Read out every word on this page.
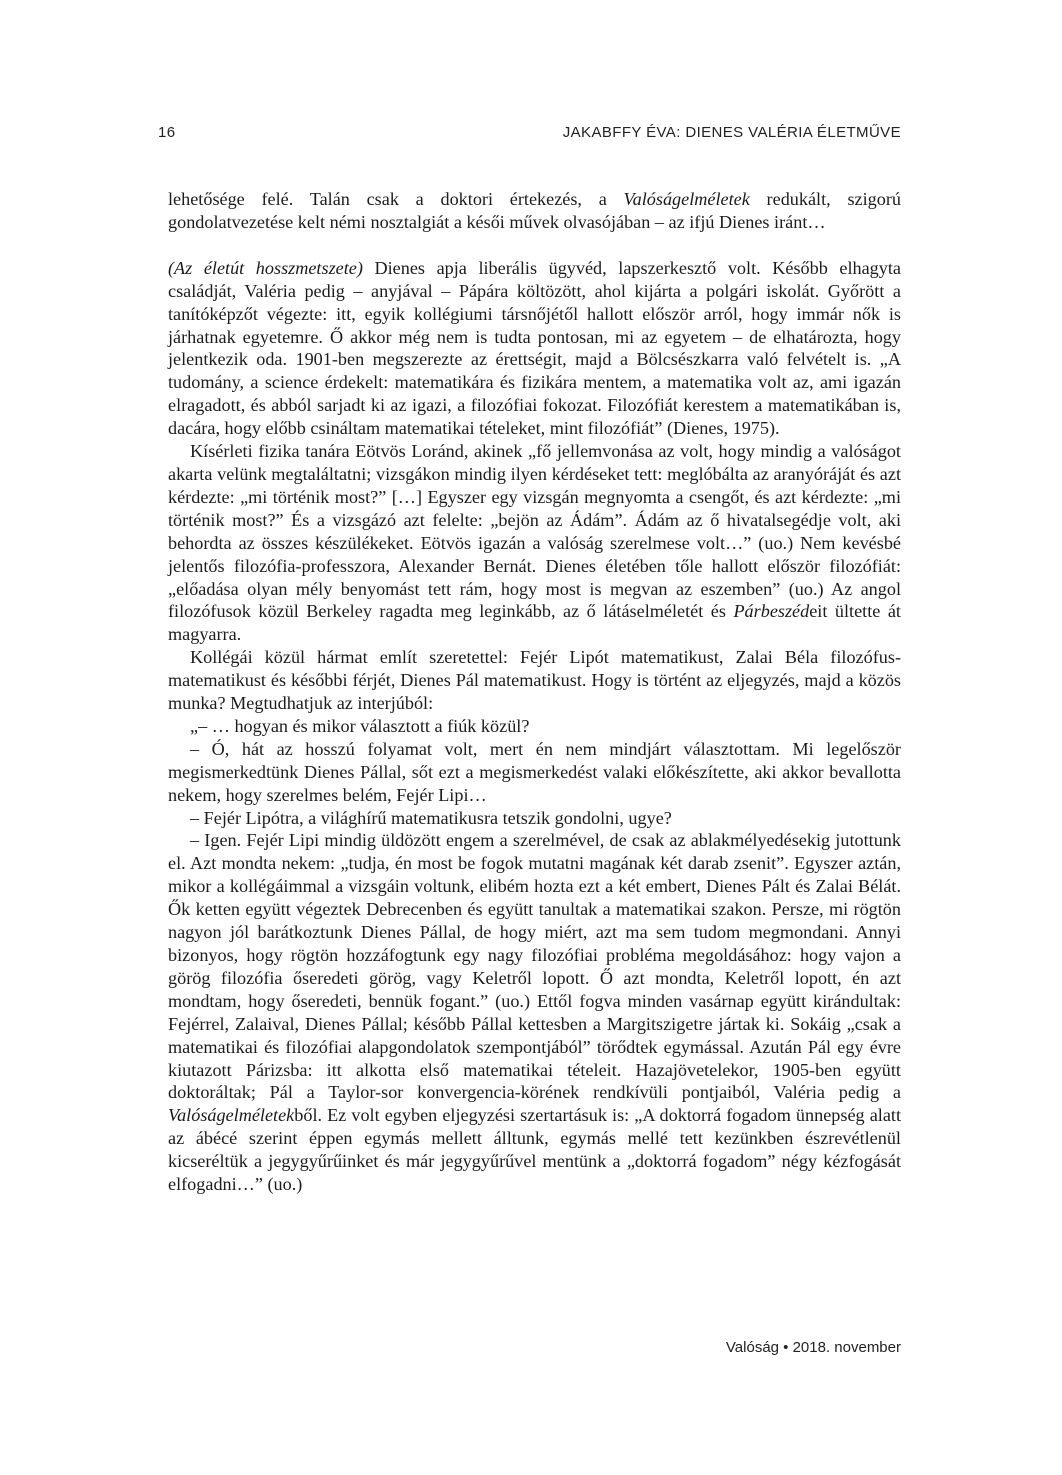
16	JAKABFFY ÉVA: DIENES VALÉRIA ÉLETMŰVE

lehetősége felé. Talán csak a doktori értekezés, a Valóságelméletek redukált, szigorú gondolatvezetése kelt némi nosztalgiát a késői művek olvasójában – az ifjú Dienes iránt…

(Az életút hosszmetszete) Dienes apja liberális ügyvéd, lapszerkesztő volt. Később elhagyta családját, Valéria pedig – anyjával – Pápára költözött, ahol kijárta a polgári iskolát. Győrött a tanítóképzőt végezte: itt, egyik kollégiumi társnőjétől hallott először arról, hogy immár nők is járhatnak egyetemre. Ő akkor még nem is tudta pontosan, mi az egyetem – de elhatározta, hogy jelentkezik oda. 1901-ben megszerezte az érettségit, majd a Bölcsészkarra való felvételt is. „A tudomány, a science érdekelt: matematikára és fizikára mentem, a matematika volt az, ami igazán elragadott, és abból sarjadt ki az igazi, a filozófiai fokozat. Filozófiát kerestem a matematikában is, dacára, hogy előbb csináltam matematikai tételeket, mint filozófiát” (Dienes, 1975).

Kísérleti fizika tanára Eötvös Loránd, akinek „fő jellemvonása az volt, hogy mindig a valóságot akarta velünk megtaláltatni; vizsgákon mindig ilyen kérdéseket tett: meglóbálta az aranyóráját és azt kérdezte: „mi történik most?” […] Egyszer egy vizsgán megnyomta a csengőt, és azt kérdezte: „mi történik most?” És a vizsgázó azt felelte: „bejön az Ádám”. Ádám az ő hivatalsegédje volt, aki behordta az összes készülékeket. Eötvös igazán a valóság szerelmese volt…” (uo.) Nem kevésbé jelentős filozófia-professzora, Alexander Bernát. Dienes életében tőle hallott először filozófiát: „előadása olyan mély benyomást tett rám, hogy most is megvan az eszemben” (uo.) Az angol filozófusok közül Berkeley ragadta meg leginkább, az ő látáselméletét és Párbeszédeit ültette át magyarra.

Kollégái közül hármat említ szeretettel: Fejér Lipót matematikust, Zalai Béla filozófus-matematikust és későbbi férjét, Dienes Pál matematikust. Hogy is történt az eljegyzés, majd a közös munka? Megtudhatjuk az interjúból:

„– … hogyan és mikor választott a fiúk közül?

– Ó, hát az hosszú folyamat volt, mert én nem mindjárt választottam. Mi legelőször megismerkedtünk Dienes Pállal, sőt ezt a megismerkedést valaki előkészítette, aki akkor bevallotta nekem, hogy szerelmes belém, Fejér Lipi…

– Fejér Lipótra, a világhírű matematikusra tetszik gondolni, ugye?

– Igen. Fejér Lipi mindig üldözött engem a szerelmével, de csak az ablakmélyedésekig jutottunk el. Azt mondta nekem: „tudja, én most be fogok mutatni magának két darab zsenit”. Egyszer aztán, mikor a kollégáimmal a vizsgáin voltunk, elibém hozta ezt a két embert, Dienes Pált és Zalai Bélát. Ők ketten együtt végeztek Debrecenben és együtt tanultak a matematikai szakon. Persze, mi rögtön nagyon jól barátkoztunk Dienes Pállal, de hogy miért, azt ma sem tudom megmondani. Annyi bizonyos, hogy rögtön hozzáfogtunk egy nagy filozófiai probléma megoldásához: hogy vajon a görög filozófia őseredeti görög, vagy Keletről lopott. Ő azt mondta, Keletről lopott, én azt mondtam, hogy őseredeti, bennük fogant.” (uo.) Ettől fogva minden vasárnap együtt kirándultak: Fejérrel, Zalaival, Dienes Pállal; később Pállal kettesben a Margitszigetre jártak ki. Sokáig „csak a matematikai és filozófiai alapgondolatok szempontjából” törődtek egymással. Azután Pál egy évre kiutazott Párizsba: itt alkotta első matematikai tételeit. Hazajövetelekor, 1905-ben együtt doktoráltak; Pál a Taylor-sor konvergencia-körének rendkívüli pontjaiból, Valéria pedig a Valóságelméletekből. Ez volt egyben eljegyzési szertartásuk is: „A doktorrá fogadom ünnepség alatt az ábécé szerint éppen egymás mellett álltunk, egymás mellé tett kezünkben észrevétlenül kicseréltük a jegygyűrűinket és már jegygyűrűvel mentünk a „doktorrá fogadom” négy kézfogását elfogadni…” (uo.)

Valóság • 2018. november
